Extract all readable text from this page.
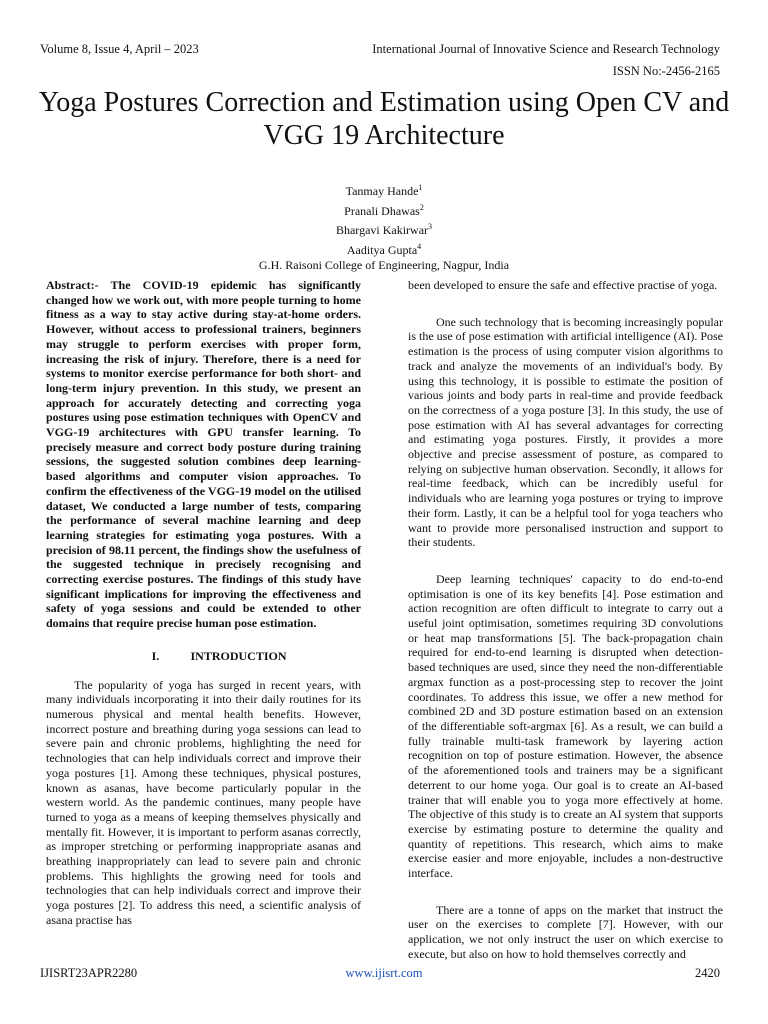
Volume 8, Issue 4, April – 2023	International Journal of Innovative Science and Research Technology
ISSN No:-2456-2165
Yoga Postures Correction and Estimation using Open CV and VGG 19 Architecture
Tanmay Hande$^1$
Pranali Dhawas$^2$
Bhargavi Kakirwar$^3$
Aaditya Gupta$^4$
G.H. Raisoni College of Engineering, Nagpur, India

Abstract:- The COVID-19 epidemic has significantly changed how we work out, with more people turning to home fitness as a way to stay active during stay-at-home orders. However, without access to professional trainers, beginners may struggle to perform exercises with proper form, increasing the risk of injury. Therefore, there is a need for systems to monitor exercise performance for both short- and long-term injury prevention. In this study, we present an approach for accurately detecting and correcting yoga postures using pose estimation techniques with OpenCV and VGG-19 architectures with GPU transfer learning. To precisely measure and correct body posture during training sessions, the suggested solution combines deep learning-based algorithms and computer vision approaches. To confirm the effectiveness of the VGG-19 model on the utilised dataset, We conducted a large number of tests, comparing the performance of several machine learning and deep learning strategies for estimating yoga postures. With a precision of 98.11 percent, the findings show the usefulness of the suggested technique in precisely recognising and correcting exercise postures. The findings of this study have significant implications for improving the effectiveness and safety of yoga sessions and could be extended to other domains that require precise human pose estimation.

I.	INTRODUCTION

The popularity of yoga has surged in recent years, with many individuals incorporating it into their daily routines for its numerous physical and mental health benefits. However, incorrect posture and breathing during yoga sessions can lead to severe pain and chronic problems, highlighting the need for technologies that can help individuals correct and improve their yoga postures [1]. Among these techniques, physical postures, known as asanas, have become particularly popular in the western world. As the pandemic continues, many people have turned to yoga as a means of keeping themselves physically and mentally fit. However, it is important to perform asanas correctly, as improper stretching or performing inappropriate asanas and breathing inappropriately can lead to severe pain and chronic problems. This highlights the growing need for tools and technologies that can help individuals correct and improve their yoga postures [2]. To address this need, a scientific analysis of asana practise has

been developed to ensure the safe and effective practise of yoga.

One such technology that is becoming increasingly popular is the use of pose estimation with artificial intelligence (AI). Pose estimation is the process of using computer vision algorithms to track and analyze the movements of an individual's body. By using this technology, it is possible to estimate the position of various joints and body parts in real-time and provide feedback on the correctness of a yoga posture [3]. In this study, the use of pose estimation with AI has several advantages for correcting and estimating yoga postures. Firstly, it provides a more objective and precise assessment of posture, as compared to relying on subjective human observation. Secondly, it allows for real-time feedback, which can be incredibly useful for individuals who are learning yoga postures or trying to improve their form. Lastly, it can be a helpful tool for yoga teachers who want to provide more personalised instruction and support to their students.

Deep learning techniques' capacity to do end-to-end optimisation is one of its key benefits [4]. Pose estimation and action recognition are often difficult to integrate to carry out a useful joint optimisation, sometimes requiring 3D convolutions or heat map transformations [5]. The back-propagation chain required for end-to-end learning is disrupted when detection-based techniques are used, since they need the non-differentiable argmax function as a post-processing step to recover the joint coordinates. To address this issue, we offer a new method for combined 2D and 3D posture estimation based on an extension of the differentiable soft-argmax [6]. As a result, we can build a fully trainable multi-task framework by layering action recognition on top of posture estimation. However, the absence of the aforementioned tools and trainers may be a significant deterrent to our home yoga. Our goal is to create an AI-based trainer that will enable you to yoga more effectively at home. The objective of this study is to create an AI system that supports exercise by estimating posture to determine the quality and quantity of repetitions. This research, which aims to make exercise easier and more enjoyable, includes a non-destructive interface.

There are a tonne of apps on the market that instruct the user on the exercises to complete [7]. However, with our application, we not only instruct the user on which exercise to execute, but also on how to hold themselves correctly and

IJISRT23APR2280	www.ijisrt.com	2420
